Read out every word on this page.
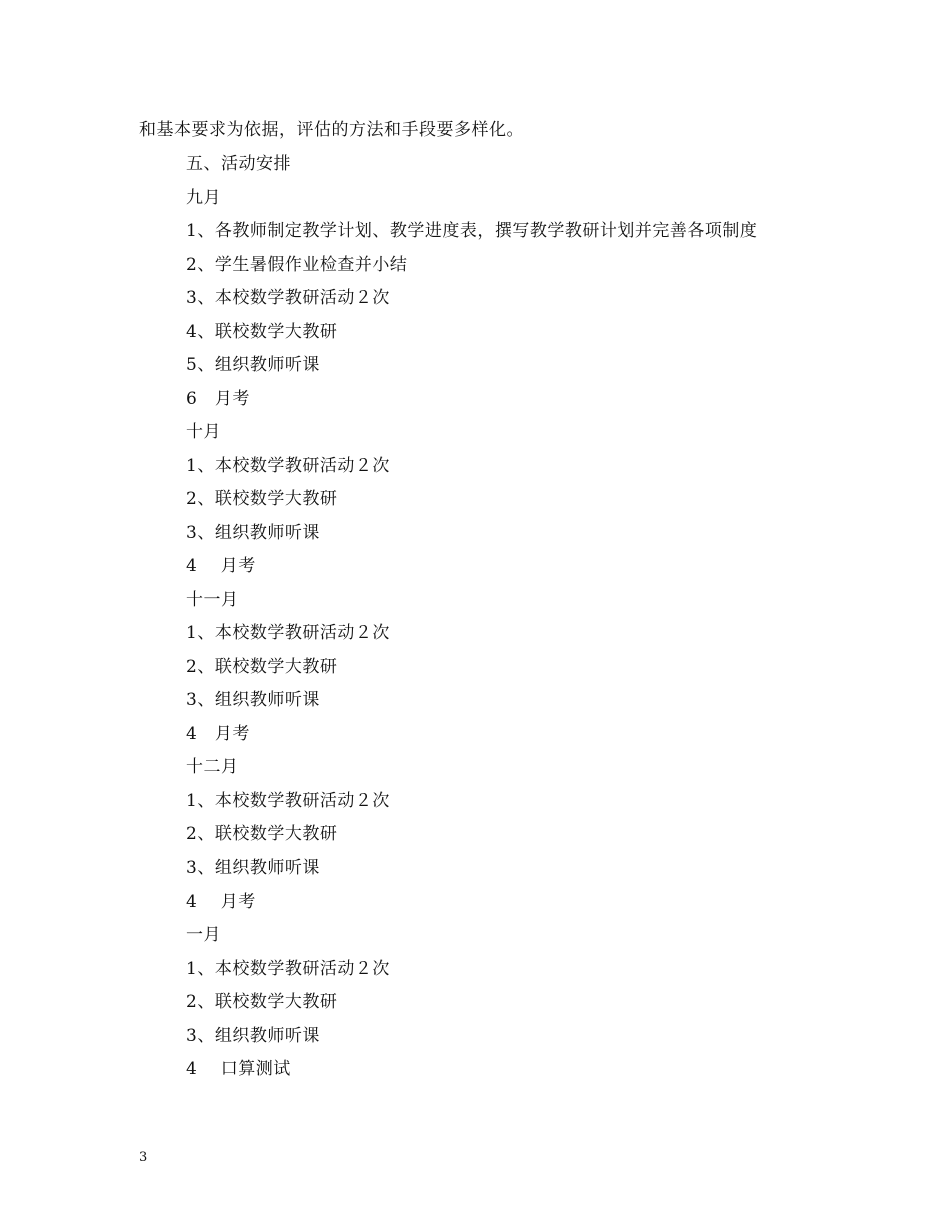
和基本要求为依据，评估的方法和手段要多样化。
五、活动安排
九月
1、各教师制定教学计划、教学进度表，撰写教学教研计划并完善各项制度
2、学生暑假作业检查并小结
3、本校数学教研活动２次
4、联校数学大教研
5、组织教师听课
6　月考
十月
1、本校数学教研活动２次
2、联校数学大教研
3、组织教师听课
4　 月考
十一月
1、本校数学教研活动２次
2、联校数学大教研
3、组织教师听课
4　月考
十二月
1、本校数学教研活动２次
2、联校数学大教研
3、组织教师听课
4　 月考
一月
1、本校数学教研活动２次
2、联校数学大教研
3、组织教师听课
4　 口算测试
3
